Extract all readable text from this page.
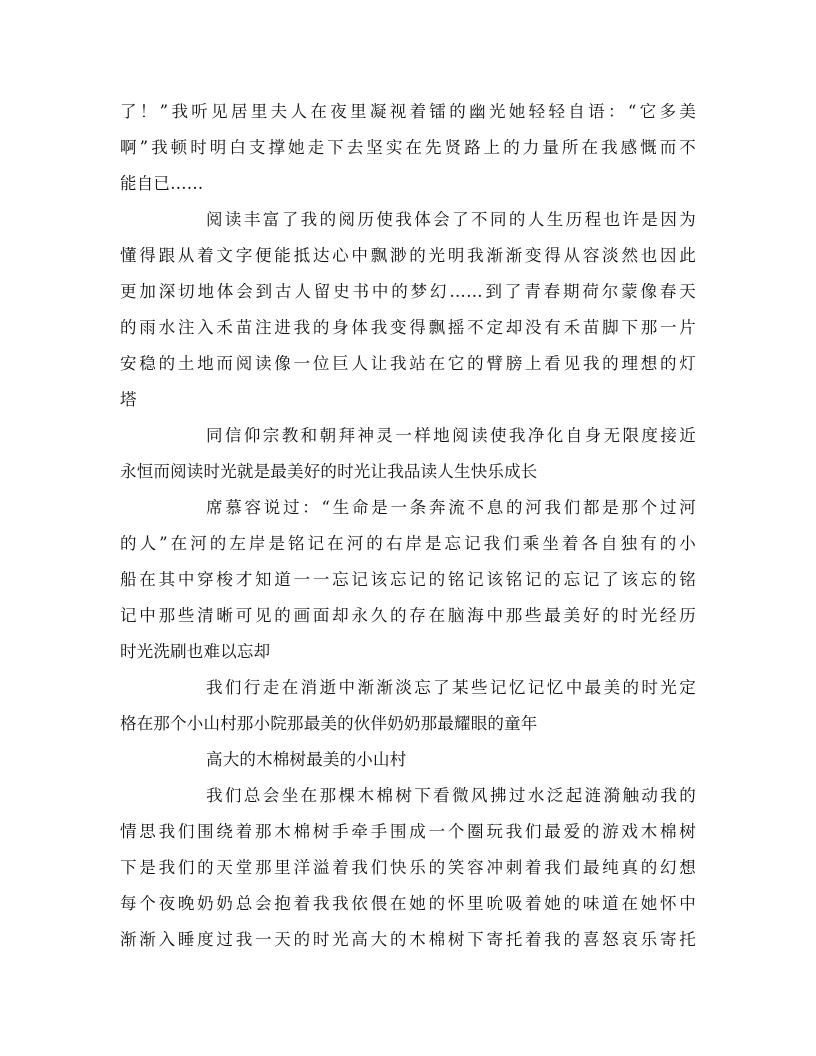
了！”我听见居里夫人在夜里凝视着镭的幽光她轻轻自语：“它多美
啊”我顿时明白支撑她走下去坚实在先贤路上的力量所在我感慨而不
能自已……
阅读丰富了我的阅历使我体会了不同的人生历程也许是因为
懂得跟从着文字便能抵达心中飘渺的光明我渐渐变得从容淡然也因此
更加深切地体会到古人留史书中的梦幻……到了青春期荷尔蒙像春天
的雨水注入禾苗注进我的身体我变得飘摇不定却没有禾苗脚下那一片
安稳的土地而阅读像一位巨人让我站在它的臂膀上看见我的理想的灯
塔
同信仰宗教和朝拜神灵一样地阅读使我净化自身无限度接近
永恒而阅读时光就是最美好的时光让我品读人生快乐成长
席慕容说过：“生命是一条奔流不息的河我们都是那个过河
的人”在河的左岸是铭记在河的右岸是忘记我们乘坐着各自独有的小
船在其中穿梭才知道一一忘记该忘记的铭记该铭记的忘记了该忘的铭
记中那些清晰可见的画面却永久的存在脑海中那些最美好的时光经历
时光洗刷也难以忘却
我们行走在消逝中渐渐淡忘了某些记忆记忆中最美的时光定
格在那个小山村那小院那最美的伙伴奶奶那最耀眼的童年
高大的木棉树最美的小山村
我们总会坐在那棵木棉树下看微风拂过水泛起涟漪触动我的
情思我们围绕着那木棉树手牵手围成一个圈玩我们最爱的游戏木棉树
下是我们的天堂那里洋溢着我们快乐的笑容冲刺着我们最纯真的幻想
每个夜晚奶奶总会抱着我我依偎在她的怀里吮吸着她的味道在她怀中
渐渐入睡度过我一天的时光高大的木棉树下寄托着我的喜怒哀乐寄托
